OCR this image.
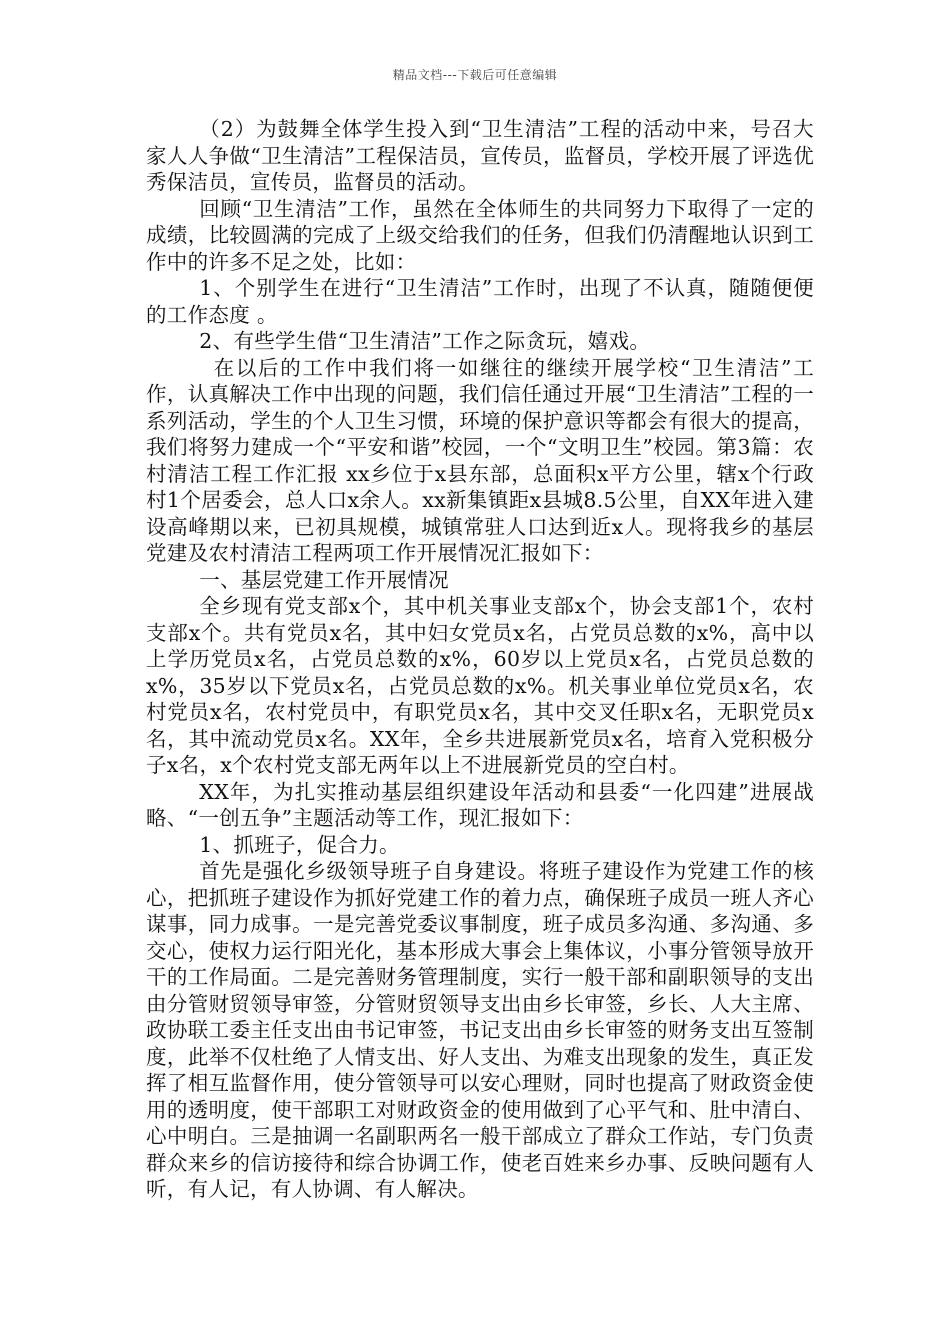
精品文档---下载后可任意编辑

（2）为鼓舞全体学生投入到“卫生清洁”工程的活动中来，号召大家人人争做“卫生清洁”工程保洁员，宣传员，监督员，学校开展了评选优秀保洁员，宣传员，监督员的活动。

回顾“卫生清洁”工作，虽然在全体师生的共同努力下取得了一定的成绩，比较圆满的完成了上级交给我们的任务，但我们仍清醒地认识到工作中的许多不足之处，比如：

1、个别学生在进行“卫生清洁”工作时，出现了不认真，随随便便的工作态度 。

2、有些学生借“卫生清洁”工作之际贪玩，嬉戏。

在以后的工作中我们将一如继往的继续开展学校“卫生清洁”工作，认真解决工作中出现的问题，我们信任通过开展“卫生清洁”工程的一系列活动，学生的个人卫生习惯，环境的保护意识等都会有很大的提高，我们将努力建成一个“平安和谐”校园，一个“文明卫生”校园。第3篇：农村清洁工程工作汇报 xx乡位于x县东部，总面积x平方公里，辖x个行政村1个居委会，总人口x余人。xx新集镇距x县城8.5公里，自XX年进入建设高峰期以来，已初具规模，城镇常驻人口达到近x人。现将我乡的基层党建及农村清洁工程两项工作开展情况汇报如下：

一、基层党建工作开展情况

全乡现有党支部x个，其中机关事业支部x个，协会支部1个，农村支部x个。共有党员x名，其中妇女党员x名，占党员总数的x%，高中以上学历党员x名，占党员总数的x%，60岁以上党员x名，占党员总数的x%，35岁以下党员x名，占党员总数的x%。机关事业单位党员x名，农村党员x名，农村党员中，有职党员x名，其中交叉任职x名，无职党员x名，其中流动党员x名。XX年，全乡共进展新党员x名，培育入党积极分子x名，x个农村党支部无两年以上不进展新党员的空白村。

XX年，为扎实推动基层组织建设年活动和县委“一化四建”进展战略、“一创五争”主题活动等工作，现汇报如下：

1、抓班子，促合力。

首先是强化乡级领导班子自身建设。将班子建设作为党建工作的核心，把抓班子建设作为抓好党建工作的着力点，确保班子成员一班人齐心谋事，同力成事。一是完善党委议事制度，班子成员多沟通、多沟通、多交心，使权力运行阳光化，基本形成大事会上集体议，小事分管领导放开干的工作局面。二是完善财务管理制度，实行一般干部和副职领导的支出由分管财贸领导审签，分管财贸领导支出由乡长审签，乡长、人大主席、政协联工委主任支出由书记审签，书记支出由乡长审签的财务支出互签制度，此举不仅杜绝了人情支出、好人支出、为难支出现象的发生，真正发挥了相互监督作用，使分管领导可以安心理财，同时也提高了财政资金使用的透明度，使干部职工对财政资金的使用做到了心平气和、肚中清白、心中明白。三是抽调一名副职两名一般干部成立了群众工作站，专门负责群众来乡的信访接待和综合协调工作，使老百姓来乡办事、反映问题有人听，有人记，有人协调、有人解决。
